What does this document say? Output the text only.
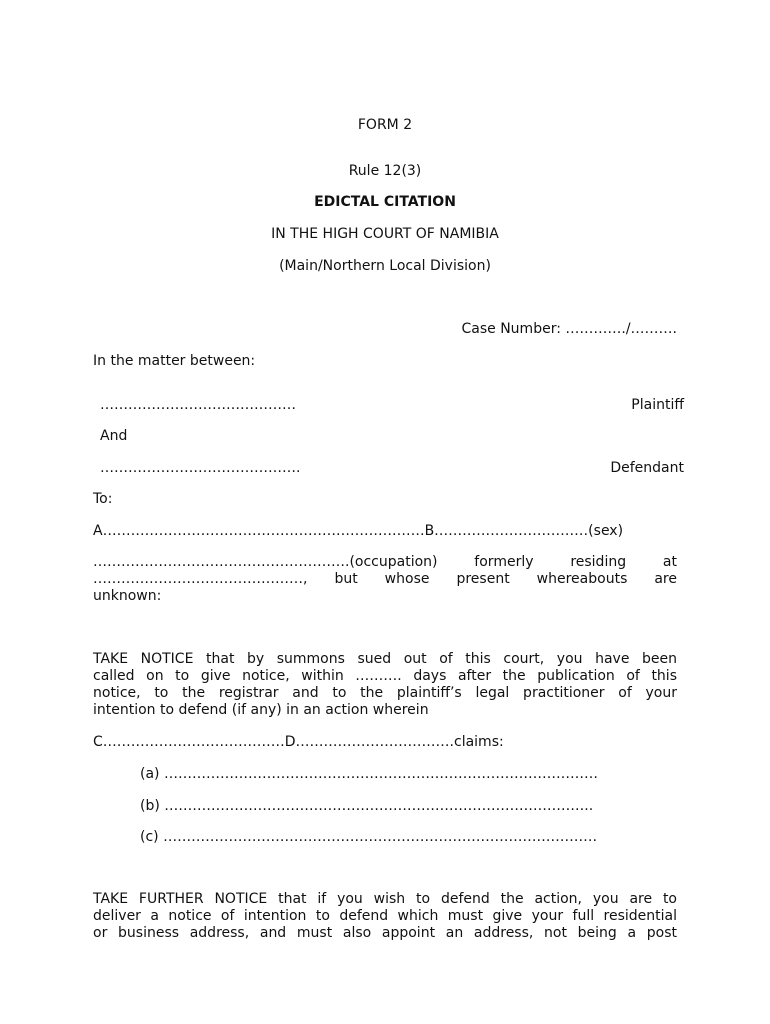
FORM 2
Rule 12(3)
EDICTAL CITATION
IN THE HIGH COURT OF NAMIBIA
(Main/Northern Local Division)
Case Number: …………./……….
In the matter between:
……………………………………	Plaintiff
And
…………………………………….	Defendant
To:
A……………………………………………………………B……………………………(sex)
……………………………………………….(occupation) formerly residing at
………………………………………, but whose present whereabouts are
unknown:
TAKE NOTICE that by summons sued out of this court, you have been
called on to give notice, within ………. days after the publication of this
notice, to the registrar and to the plaintiff’s legal practitioner of your
intention to defend (if any) in an action wherein
C…………………………………D…………………………….claims:
(a) …………………………………………………………………………………
(b) ………………………………………………………………………………..
(c) …………………………………………………………………………………
TAKE FURTHER NOTICE that if you wish to defend the action, you are to
deliver a notice of intention to defend which must give your full residential
or business address, and must also appoint an address, not being a post
